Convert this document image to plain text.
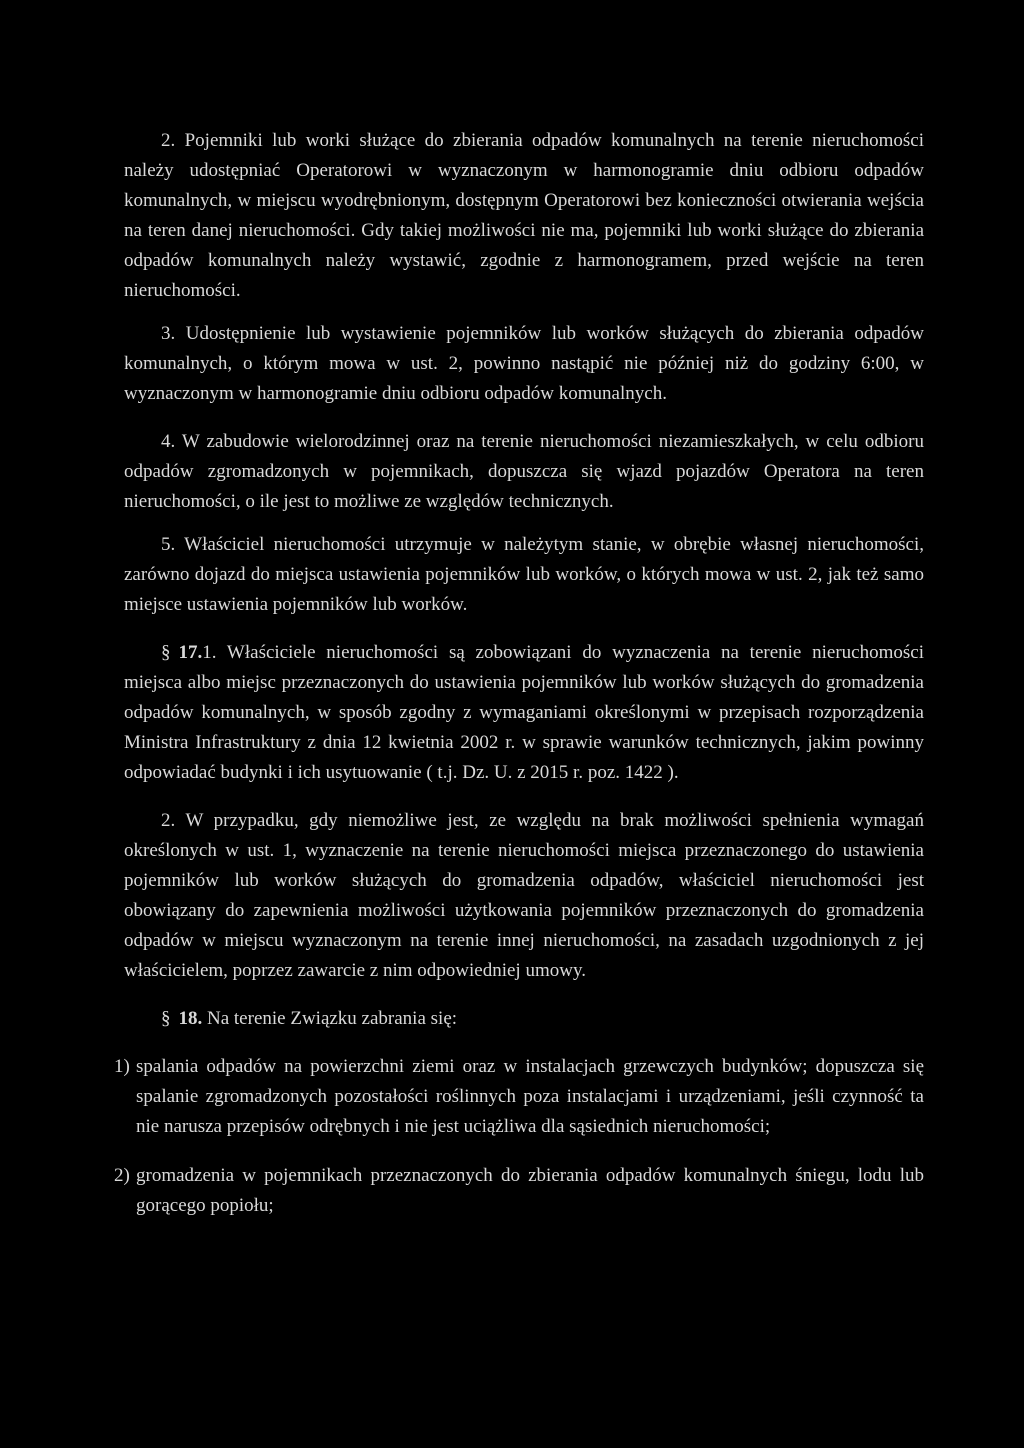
2. Pojemniki lub worki służące do zbierania odpadów komunalnych na terenie nieruchomości należy udostępniać Operatorowi w wyznaczonym w harmonogramie dniu odbioru odpadów komunalnych, w miejscu wyodrębnionym, dostępnym Operatorowi bez konieczności otwierania wejścia na teren danej nieruchomości. Gdy takiej możliwości nie ma, pojemniki lub worki służące do zbierania odpadów komunalnych należy wystawić, zgodnie z harmonogramem, przed wejście na teren nieruchomości.

3. Udostępnienie lub wystawienie pojemników lub worków służących do zbierania odpadów komunalnych, o którym mowa w ust. 2, powinno nastąpić nie później niż do godziny 6:00, w wyznaczonym w harmonogramie dniu odbioru odpadów komunalnych.

4. W zabudowie wielorodzinnej oraz na terenie nieruchomości niezamieszkałych, w celu odbioru odpadów zgromadzonych w pojemnikach, dopuszcza się wjazd pojazdów Operatora na teren nieruchomości, o ile jest to możliwe ze względów technicznych.

5. Właściciel nieruchomości utrzymuje w należytym stanie, w obrębie własnej nieruchomości, zarówno dojazd do miejsca ustawienia pojemników lub worków, o których mowa w ust. 2, jak też samo miejsce ustawienia pojemników lub worków.

§ 17.1. Właściciele nieruchomości są zobowiązani do wyznaczenia na terenie nieruchomości miejsca albo miejsc przeznaczonych do ustawienia pojemników lub worków służących do gromadzenia odpadów komunalnych, w sposób zgodny z wymaganiami określonymi w przepisach rozporządzenia Ministra Infrastruktury z dnia 12 kwietnia 2002 r. w sprawie warunków technicznych, jakim powinny odpowiadać budynki i ich usytuowanie ( t.j. Dz. U. z 2015 r. poz. 1422 ).

2. W przypadku, gdy niemożliwe jest, ze względu na brak możliwości spełnienia wymagań określonych w ust. 1, wyznaczenie na terenie nieruchomości miejsca przeznaczonego do ustawienia pojemników lub worków służących do gromadzenia odpadów, właściciel nieruchomości jest obowiązany do zapewnienia możliwości użytkowania pojemników przeznaczonych do gromadzenia odpadów w miejscu wyznaczonym na terenie innej nieruchomości, na zasadach uzgodnionych z jej właścicielem, poprzez zawarcie z nim odpowiedniej umowy.

§ 18. Na terenie Związku zabrania się:

1) spalania odpadów na powierzchni ziemi oraz w instalacjach grzewczych budynków; dopuszcza się spalanie zgromadzonych pozostałości roślinnych poza instalacjami i urządzeniami, jeśli czynność ta nie narusza przepisów odrębnych i nie jest uciążliwa dla sąsiednich nieruchomości;
2) gromadzenia w pojemnikach przeznaczonych do zbierania odpadów komunalnych śniegu, lodu lub gorącego popiołu;
